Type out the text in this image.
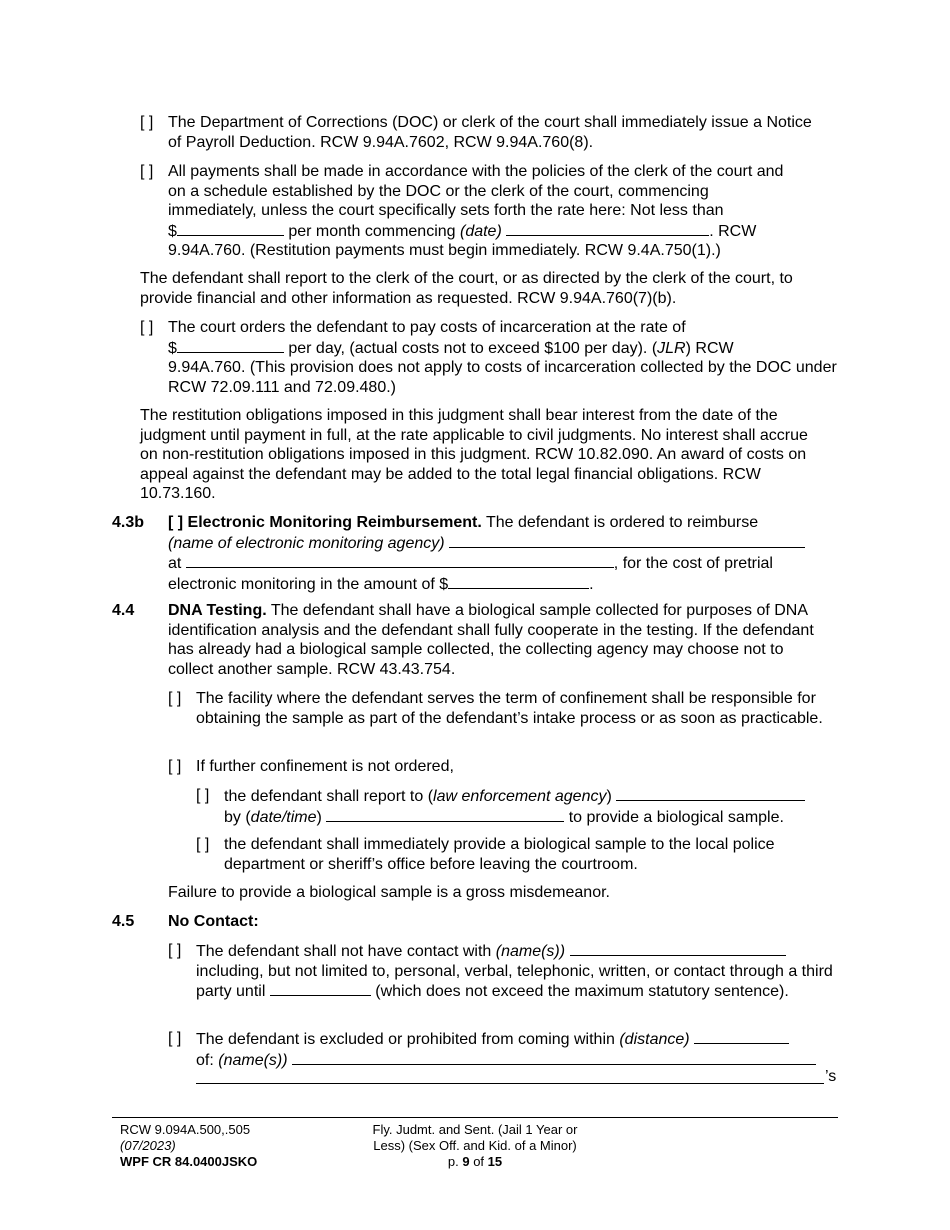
[ ] The Department of Corrections (DOC) or clerk of the court shall immediately issue a Notice of Payroll Deduction. RCW 9.94A.7602, RCW 9.94A.760(8).

[ ] All payments shall be made in accordance with the policies of the clerk of the court and
on a schedule established by the DOC or the clerk of the court, commencing
immediately, unless the court specifically sets forth the rate here: Not less than
$	per month commencing (date)	. RCW
9.94A.760. (Restitution payments must begin immediately. RCW 9.4A.750(1).)

The defendant shall report to the clerk of the court, or as directed by the clerk of the court, to provide financial and other information as requested. RCW 9.94A.760(7)(b).

[ ] The court orders the defendant to pay costs of incarceration at the rate of
$	per day, (actual costs not to exceed $100 per day). (JLR) RCW
9.94A.760. (This provision does not apply to costs of incarceration collected by the DOC under RCW 72.09.111 and 72.09.480.)

The restitution obligations imposed in this judgment shall bear interest from the date of the judgment until payment in full, at the rate applicable to civil judgments. No interest shall accrue on non-restitution obligations imposed in this judgment. RCW 10.82.090. An award of costs on appeal against the defendant may be added to the total legal financial obligations. RCW 10.73.160.

4.3b [ ] Electronic Monitoring Reimbursement. The defendant is ordered to reimburse
(name of electronic monitoring agency)
at	, for the cost of pretrial
electronic monitoring in the amount of $	.
4.4 DNA Testing. The defendant shall have a biological sample collected for purposes of DNA identification analysis and the defendant shall fully cooperate in the testing. If the defendant has already had a biological sample collected, the collecting agency may choose not to collect another sample. RCW 43.43.754.

[ ] The facility where the defendant serves the term of confinement shall be responsible for obtaining the sample as part of the defendant’s intake process or as soon as practicable.

[ ] If further confinement is not ordered,

[ ] the defendant shall report to (law enforcement agency)
by (date/time)	to provide a biological sample.
[ ] the defendant shall immediately provide a biological sample to the local police department or sheriff’s office before leaving the courtroom.

Failure to provide a biological sample is a gross misdemeanor.

4.5 No Contact:
[ ] The defendant shall not have contact with (name(s))
including, but not limited to, personal, verbal, telephonic, written, or contact through a third party until	(which does not exceed the maximum statutory sentence).
[ ] The defendant is excluded or prohibited from coming within (distance)
of: (name(s))
’s
RCW 9.094A.500,.505
(07/2023)
WPF CR 84.0400JSKO
Fly. Judmt. and Sent. (Jail 1 Year or
Less) (Sex Off. and Kid. of a Minor)
p. 9 of 15
